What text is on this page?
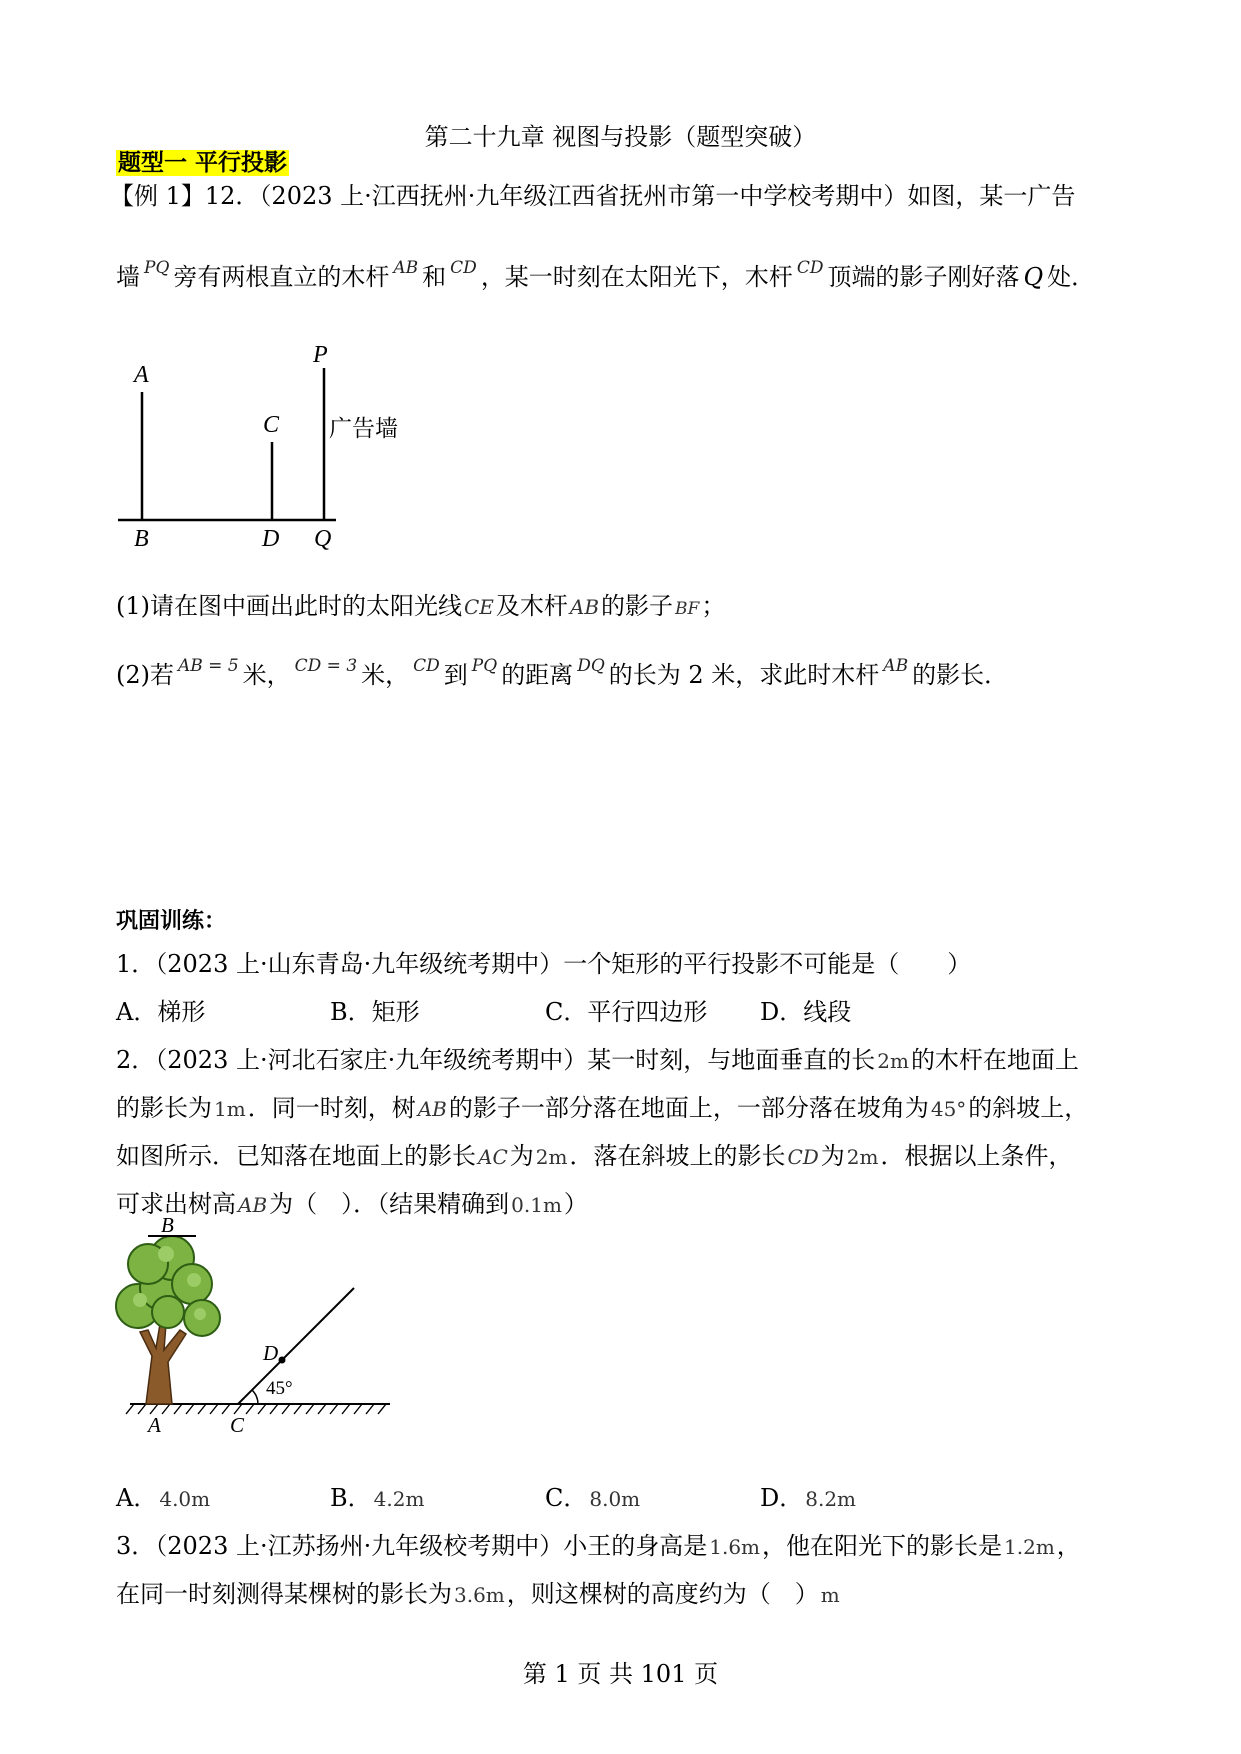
第二十九章 视图与投影（题型突破）
题型一 平行投影
【例 1】12．（2023 上·江西抚州·九年级江西省抚州市第一中学校考期中）如图，某一广告
墙 $^{PQ}$ 旁有两根直立的木杆 $^{AB}$ 和 $^{CD}$ ，某一时刻在太阳光下，木杆 $^{CD}$ 顶端的影子刚好落 Q 处．
A
B
C
D
P
Q
广告墙
(1)请在图中画出此时的太阳光线 CE及木杆 AB的影子 BF；
(2)若 $^{AB = 5}$ 米， $^{CD = 3}$ 米， $^{CD}$ 到 $^{PQ}$ 的距离 $^{DQ}$ 的长为 2 米，求此时木杆 $^{AB}$ 的影长．
巩固训练：
1．（2023 上·山东青岛·九年级统考期中）一个矩形的平行投影不可能是（　　）
A．梯形	B．矩形	C．平行四边形 D．线段
2．（2023 上·河北石家庄·九年级统考期中）某一时刻，与地面垂直的长 2m的木杆在地面上
的影长为 1m．同一时刻，树 AB的影子一部分落在地面上，一部分落在坡角为 45°的斜坡上，
如图所示．已知落在地面上的影长 AC为 2m．落在斜坡上的影长 CD为 2m．根据以上条件，
可求出树高 AB为（　）．（结果精确到 0.1m）
B
A	C
D
45°
A． 4.0m	B． 4.2m	C． 8.0m	D． 8.2m
3．（2023 上·江苏扬州·九年级校考期中）小王的身高是 1.6m，他在阳光下的影长是 1.2m，
在同一时刻测得某棵树的影长为 3.6m，则这棵树的高度约为（　） m
第 1 页 共 101 页
